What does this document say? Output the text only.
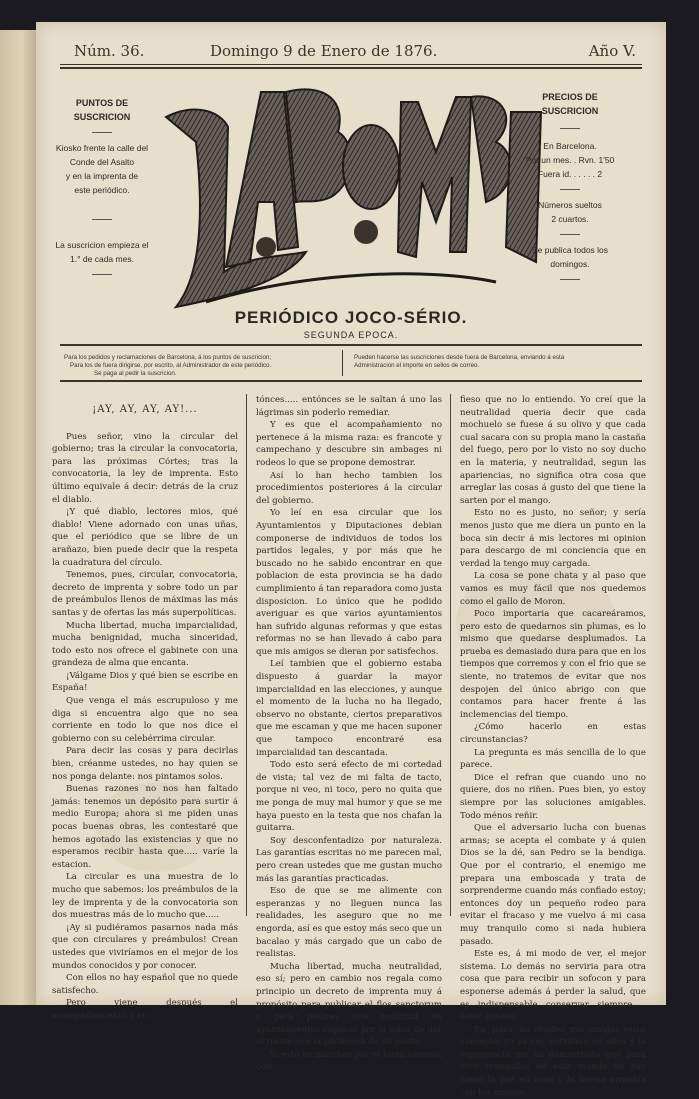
Núm. 36.	Domingo 9 de Enero de 1876.	Año V.
PUNTOS DE SUSCRICION
Kiosko frente la calle del
Conde del Asalto
y en la imprenta de
este periódico.
La suscricion empieza el
1.° de cada mes.
PRECIOS DE SUSCRICION
En Barcelona.
Por un mes. . Rvn. 1'50
Fuera id. . . . . . 2
Números sueltos
2 cuartos.
Se publica todos los
domingos.
PERIÓDICO JOCO-SÉRIO.
SEGUNDA EPOCA.
Para los pedidos y reclamaciones de Barcelona, á los puntos de suscricion;
Para los de fuera dirigirse, por escrito, al Administrador de este periódico.
Se paga al pedir la suscricion.
Pueden hacerse las suscriciones desde fuera de Barcelona, enviando á esta
Administracion el importe en sellos de correo.
¡AY, AY, AY, AY!...

Pues señor, vino la circular del gobierno; tras la circular la convocatoria, para las próximas Córtes; tras la convocatoria, la ley de imprenta. Esto último equivale á decir: detrás de la cruz el diablo.

¡Y qué diablo, lectores mios, qué diablo! Viene adornado con unas uñas, que el periódico que se libre de un arañazo, bien puede decir que la respeta la cuadratura del círculo.

Tenemos, pues, circular, convocatoria, decreto de imprenta y sobre todo un par de preámbulos llenos de máximas las más santas y de ofertas las más superpolíticas.

Mucha libertad, mucha imparcialidad, mucha benignidad, mucha sinceridad, todo esto nos ofrece el gabinete con una grandeza de alma que encanta.

¡Válgame Dios y qué bien se escribe en España!

Que venga el más escrupuloso y me diga si encuentra algo que no sea corriente en todo lo que nos dice el gobierno con su celebérrima circular.

Para decir las cosas y para decirlas bien, créanme ustedes, no hay quien se nos ponga delante: nos pintamos solos.

Buenas razones no nos han faltado jamás: tenemos un depósito para surtir á medio Europa; ahora si me piden unas pocas buenas obras, les contestaré que hemos agotado las existencias y que no esperamos recibir hasta que..... varíe la estacion.

La circular es una muestra de lo mucho que sabemos: los preámbulos de la ley de imprenta y de la convocatoria son dos muestras más de lo mucho que.....

¡Ay si pudiéramos pasarnos nada más que con circulares y preámbulos! Crean ustedes que viviríamos en el mejor de los mundos conocidos y por conocer.

Con ellos no hay español que no quede satisfecho.

Pero viene después el acompañamiento y en-

tónces..... entónces se le saltan á uno las lágrimas sin poderlo remediar.

Y es que el acompañamiento no pertenece á la misma raza: es francote y campechano y descubre sin ambages ni rodeos lo que se propone demostrar.

Así lo han hecho tambien los procedimientos posteriores á la circular del gobierno.

Yo leí en esa circular que los Ayuntamientos y Diputaciones debian componerse de individuos de todos los partidos legales, y por más que he buscado no he sabido encontrar en que poblacion de esta provincia se ha dado cumplimiento á tan reparadora como justa disposicion. Lo único que he podido averiguar es que varios ayuntamientos han sufrido algunas reformas y que estas reformas no se han llevado á cabo para que mis amigos se dieran por satisfechos.

Leí tambien que el gobierno estaba dispuesto á guardar la mayor imparcialidad en las elecciones, y aunque el momento de la lucha no ha llegado, observo no obstante, ciertos preparativos que me escaman y que me hacen suponer que tampoco encontraré esa imparcialidad tan descantada.

Todo esto será efecto de mi cortedad de vista; tal vez de mi falta de tacto, porque ni veo, ni toco, pero no quita que me ponga de muy mal humor y que se me haya puesto en la testa que nos chafan la guitarra.

Soy desconfentadizo por naturaleza. Las garantías escritas no me parecen mal, pero crean ustedes que me gustan mucho más las garantías practicadas.

Eso de que se me alimente con esperanzas y no lleguen nunca las realidades, les aseguro que no me engorda, así es que estoy más seco que un bacalao y más cargado que un cabo de realistas.

Mucha libertad, mucha neutralidad, eso sí; pero en cambio nos regala como principio un decreto de imprenta muy á propósito para publicar el flos sanctorum y para postres una multitud de ayuntamientos capaces por sí solos de dar al traste con la paciencia de un santo.

Si esto es marchar por el buen camino, con-

fieso que no lo entiendo. Yo creí que la neutralidad queria decir que cada mochuelo se fuese á su olivo y que cada cual sacara con su propia mano la castaña del fuego, pero por lo visto no soy ducho en la materia, y neutralidad, segun las apariencias, no significa otra cosa que arreglar las cosas á gusto del que tiene la sarten por el mango.

Esto no es justo, no señor; y sería menos justo que me diera un punto en la boca sin decir á mis lectores mi opinion para descargo de mi conciencia que en verdad la tengo muy cargada.

La cosa se pone chata y al paso que vamos es muy fácil que nos quedemos como el gallo de Moron.

Poco importaria que cacareáramos, pero esto de quedarnos sin plumas, es lo mismo que quedarse desplumados. La prueba es demasiado dura para que en los tiempos que corremos y con el frio que se siente, no tratemos de evitar que nos despojen del único abrigo con que contamos para hacer frente á las inclemencias del tiempo.

¿Cómo hacerlo en estas circunstancias?

La pregunta es más sencilla de lo que parece.

Dice el refran que cuando uno no quiere, dos no riñen. Pues bien, yo estoy siempre por las soluciones amigables. Todo ménos reñir.

Que el adversario lucha con buenas armas; se acepta el combate y á quien Dios se la dé, san Pedro se la bendiga. Que por el contrario, el enemigo me prepara una emboscada y trata de sorprenderme cuando más confiado estoy; entonces doy un pequeño rodeo para evitar el fracaso y me vuelvo á mi casa muy tranquilo como si nada hubiera pasado.

Este es, á mi modo de ver, el mejor sistema. Lo demás no serviria para otra cosa que para recibir un sofocon y para esponerse además á perder la salud, que es indispensable conservar siempre..... estar buenos.

Ea, pues: no olviden mis amigos estos consejos: yo ya voy entrando en años y la esperiencia me ha demostrado que para vivir tranquilos en este mundo no hay como la paz en casa y la buena armonía con los amigos.
